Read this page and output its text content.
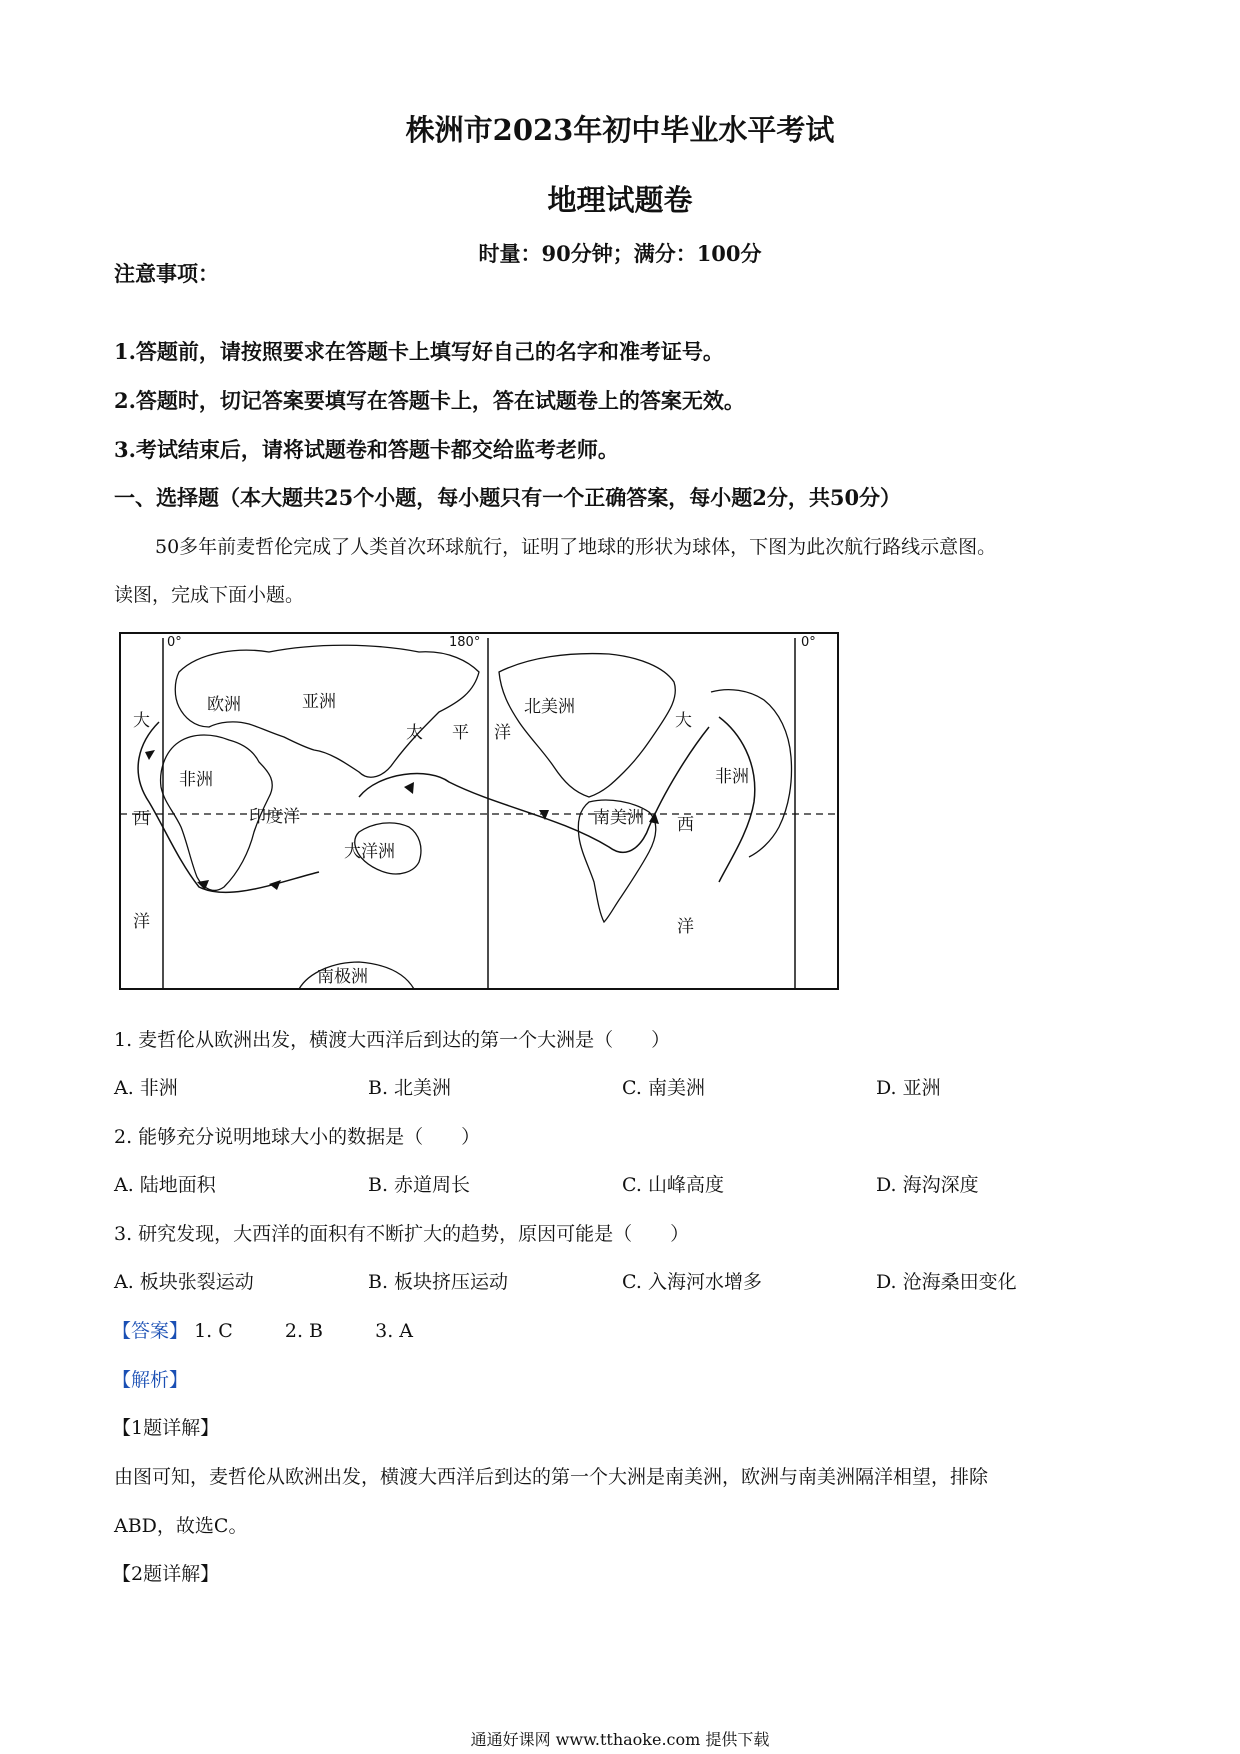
株洲市2023年初中毕业水平考试
地理试题卷
时量：90分钟；满分：100分
注意事项：
1.答题前，请按照要求在答题卡上填写好自己的名字和准考证号。
2.答题时，切记答案要填写在答题卡上，答在试题卷上的答案无效。
3.考试结束后，请将试题卷和答题卡都交给监考老师。
一、选择题（本大题共25个小题，每小题只有一个正确答案，每小题2分，共50分）
50多年前麦哲伦完成了人类首次环球航行，证明了地球的形状为球体，下图为此次航行路线示意图。
读图，完成下面小题。
0°	180°	0°
大
西
洋
欧洲	亚洲
太 平 洋
北美洲
大
非洲	非洲
印度洋	南美洲 西
大洋洲
洋
南极洲
1. 麦哲伦从欧洲出发，横渡大西洋后到达的第一个大洲是（　　）
A. 非洲	B. 北美洲	C. 南美洲	D. 亚洲
2. 能够充分说明地球大小的数据是（　　）
A. 陆地面积	B. 赤道周长	C. 山峰高度	D. 海沟深度
3. 研究发现，大西洋的面积有不断扩大的趋势，原因可能是（　　）
A. 板块张裂运动	B. 板块挤压运动	C. 入海河水增多	D. 沧海桑田变化
【答案】 1. C	2. B	3. A
【解析】
【1题详解】
由图可知，麦哲伦从欧洲出发，横渡大西洋后到达的第一个大洲是南美洲，欧洲与南美洲隔洋相望，排除
ABD，故选C。
【2题详解】
通通好课网 www.tthaoke.com 提供下载
